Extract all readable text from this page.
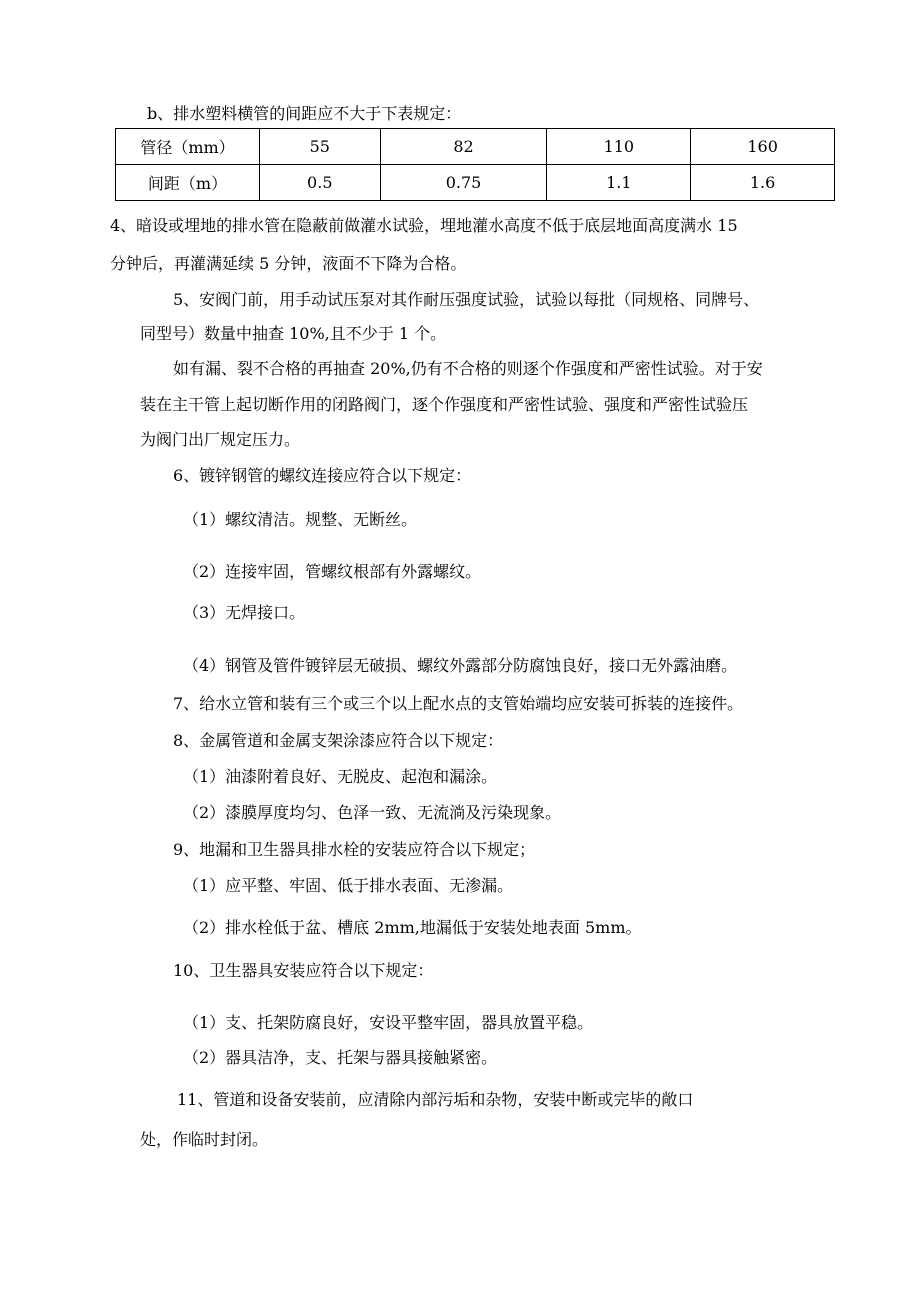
b、排水塑料横管的间距应不大于下表规定：
管径（mm）	55	82	110	160
间距（m）	0.5	0.75	1.1	1.6
4、暗设或埋地的排水管在隐蔽前做灌水试验，埋地灌水高度不低于底层地面高度满水 15
分钟后，再灌满延续 5 分钟，液面不下降为合格。
5、安阀门前，用手动试压泵对其作耐压强度试验，试验以每批（同规格、同牌号、
同型号）数量中抽查 10%,且不少于 1 个。
如有漏、裂不合格的再抽查 20%,仍有不合格的则逐个作强度和严密性试验。对于安
装在主干管上起切断作用的闭路阀门，逐个作强度和严密性试验、强度和严密性试验压
为阀门出厂规定压力。
6、镀锌钢管的螺纹连接应符合以下规定：
（1）螺纹清洁。规整、无断丝。
（2）连接牢固，管螺纹根部有外露螺纹。
（3）无焊接口。
（4）钢管及管件镀锌层无破损、螺纹外露部分防腐蚀良好，接口无外露油磨。
7、给水立管和装有三个或三个以上配水点的支管始端均应安装可拆装的连接件。
8、金属管道和金属支架涂漆应符合以下规定：
（1）油漆附着良好、无脱皮、起泡和漏涂。
（2）漆膜厚度均匀、色泽一致、无流淌及污染现象。
9、地漏和卫生器具排水栓的安装应符合以下规定；
（1）应平整、牢固、低于排水表面、无渗漏。
（2）排水栓低于盆、槽底 2mm,地漏低于安装处地表面 5mm。
10、卫生器具安装应符合以下规定：
（1）支、托架防腐良好，安设平整牢固，器具放置平稳。
（2）器具洁净，支、托架与器具接触紧密。
11、管道和设备安装前，应清除内部污垢和杂物，安装中断或完毕的敞口
处，作临时封闭。
